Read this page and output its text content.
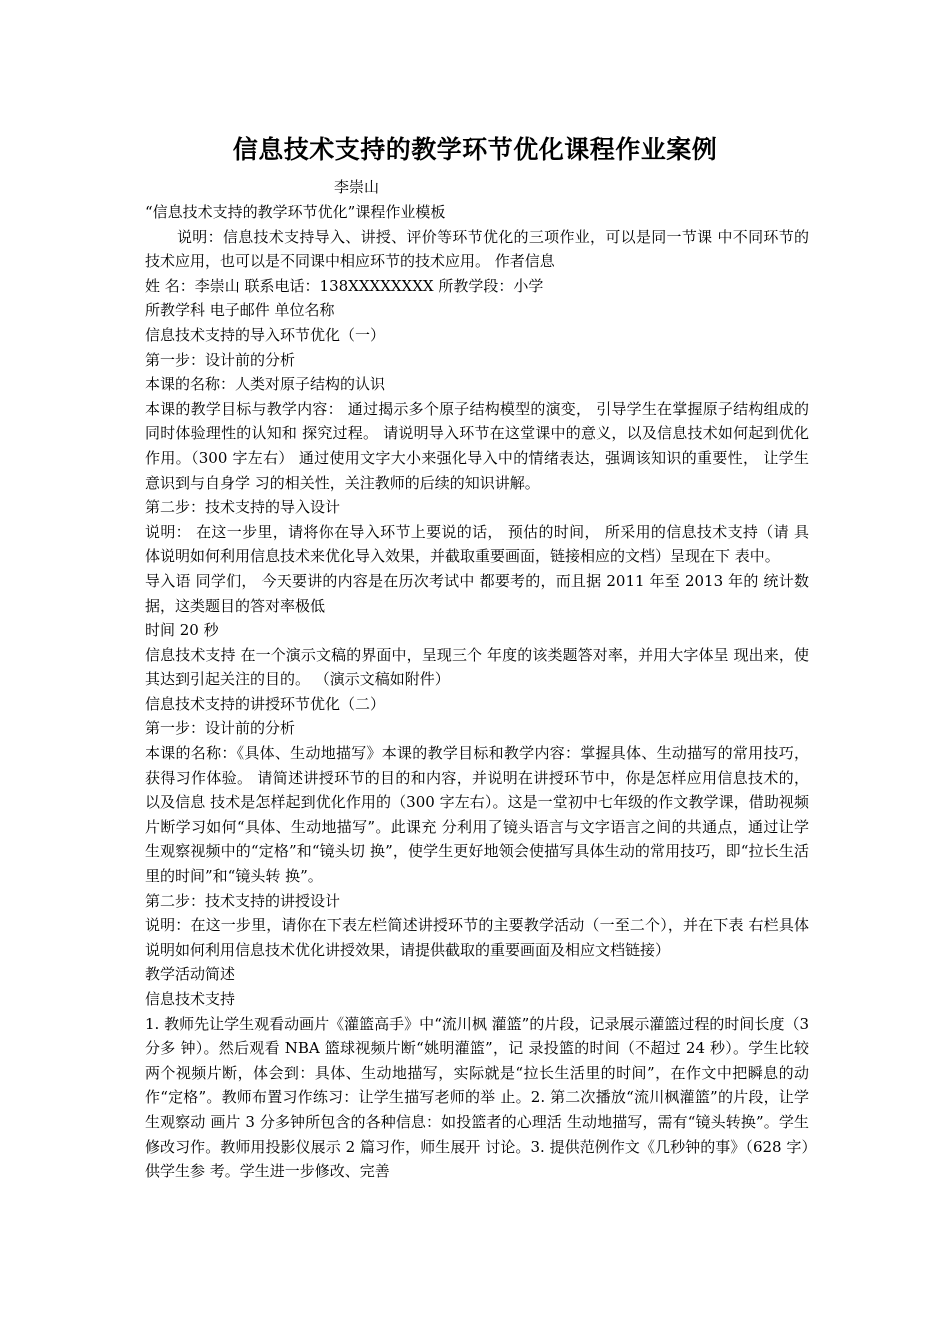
信息技术支持的教学环节优化课程作业案例
李崇山

“信息技术支持的教学环节优化”课程作业模板

说明：信息技术支持导入、讲授、评价等环节优化的三项作业，可以是同一节课 中不同环节的技术应用，也可以是不同课中相应环节的技术应用。 作者信息

姓 名：李崇山 联系电话：138XXXXXXXX 所教学段：小学

所教学科 电子邮件 单位名称

信息技术支持的导入环节优化（一）

第一步：设计前的分析

本课的名称：人类对原子结构的认识

本课的教学目标与教学内容： 通过揭示多个原子结构模型的演变， 引导学生在掌握原子结构组成的同时体验理性的认知和 探究过程。 请说明导入环节在这堂课中的意义，以及信息技术如何起到优化作用。（300 字左右） 通过使用文字大小来强化导入中的情绪表达，强调该知识的重要性， 让学生意识到与自身学 习的相关性，关注教师的后续的知识讲解。

第二步：技术支持的导入设计

说明： 在这一步里，请将你在导入环节上要说的话， 预估的时间， 所采用的信息技术支持（请 具体说明如何利用信息技术来优化导入效果，并截取重要画面，链接相应的文档）呈现在下 表中。

导入语 同学们， 今天要讲的内容是在历次考试中 都要考的，而且据 2011 年至 2013 年的 统计数据，这类题目的答对率极低

时间 20 秒

信息技术支持 在一个演示文稿的界面中，呈现三个 年度的该类题答对率，并用大字体呈 现出来，使其达到引起关注的目的。 （演示文稿如附件）

信息技术支持的讲授环节优化（二）

第一步：设计前的分析

本课的名称：《具体、生动地描写》本课的教学目标和教学内容：掌握具体、生动描写的常用技巧，获得习作体验。 请简述讲授环节的目的和内容，并说明在讲授环节中，你是怎样应用信息技术的，以及信息 技术是怎样起到优化作用的（300 字左右）。这是一堂初中七年级的作文教学课，借助视频片断学习如何“具体、生动地描写”。此课充 分利用了镜头语言与文字语言之间的共通点，通过让学生观察视频中的“定格”和“镜头切 换”，使学生更好地领会使描写具体生动的常用技巧，即“拉长生活里的时间”和“镜头转 换”。

第二步：技术支持的讲授设计

说明：在这一步里，请你在下表左栏简述讲授环节的主要教学活动（一至二个），并在下表 右栏具体说明如何利用信息技术优化讲授效果，请提供截取的重要画面及相应文档链接）

教学活动简述

信息技术支持

1. 教师先让学生观看动画片《灌篮高手》中“流川枫 灌篮”的片段，记录展示灌篮过程的时间长度（3 分多 钟）。然后观看 NBA 篮球视频片断“姚明灌篮”，记 录投篮的时间（不超过 24 秒）。学生比较两个视频片断，体会到：具体、生动地描写，实际就是“拉长生活里的时间”，在作文中把瞬息的动 作“定格”。教师布置习作练习：让学生描写老师的举 止。2. 第二次播放“流川枫灌篮”的片段，让学生观察动 画片 3 分多钟所包含的各种信息：如投篮者的心理活 生动地描写，需有“镜头转换”。学生修改习作。教师用投影仪展示 2 篇习作，师生展开 讨论。3. 提供范例作文《几秒钟的事》（628 字）供学生参 考。学生进一步修改、完善
